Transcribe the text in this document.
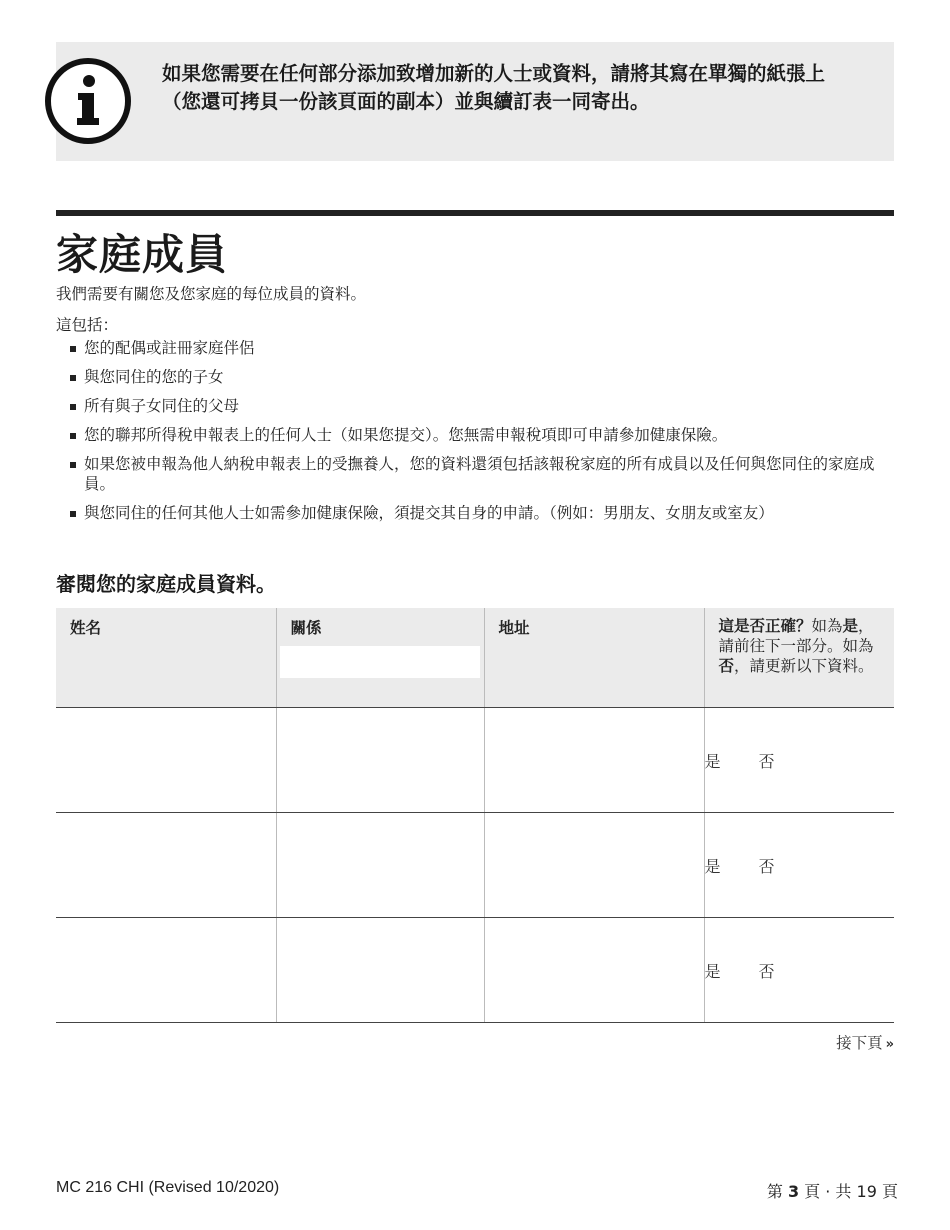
如果您需要在任何部分添加致增加新的人士或資料，請將其寫在單獨的紙張上（您還可拷貝一份該頁面的副本）並與續訂表一同寄出。
家庭成員
我們需要有關您及您家庭的每位成員的資料。
這包括：
您的配偶或註冊家庭伴侶
與您同住的您的子女
所有與子女同住的父母
您的聯邦所得稅申報表上的任何人士（如果您提交）。您無需申報稅項即可申請參加健康保險。
如果您被申報為他人納稅申報表上的受撫養人，您的資料還須包括該報稅家庭的所有成員以及任何與您同住的家庭成員。
與您同住的任何其他人士如需參加健康保險，須提交其自身的申請。（例如：男朋友、女朋友或室友）
審閱您的家庭成員資料。
姓名	關係	地址	這是否正確？如為是，請前往下一部分。如為否，請更新以下資料。
			是 否
			是 否
			是 否
接下頁 »
MC 216 CHI (Revised 10/2020)	第 3 頁 · 共 19 頁
